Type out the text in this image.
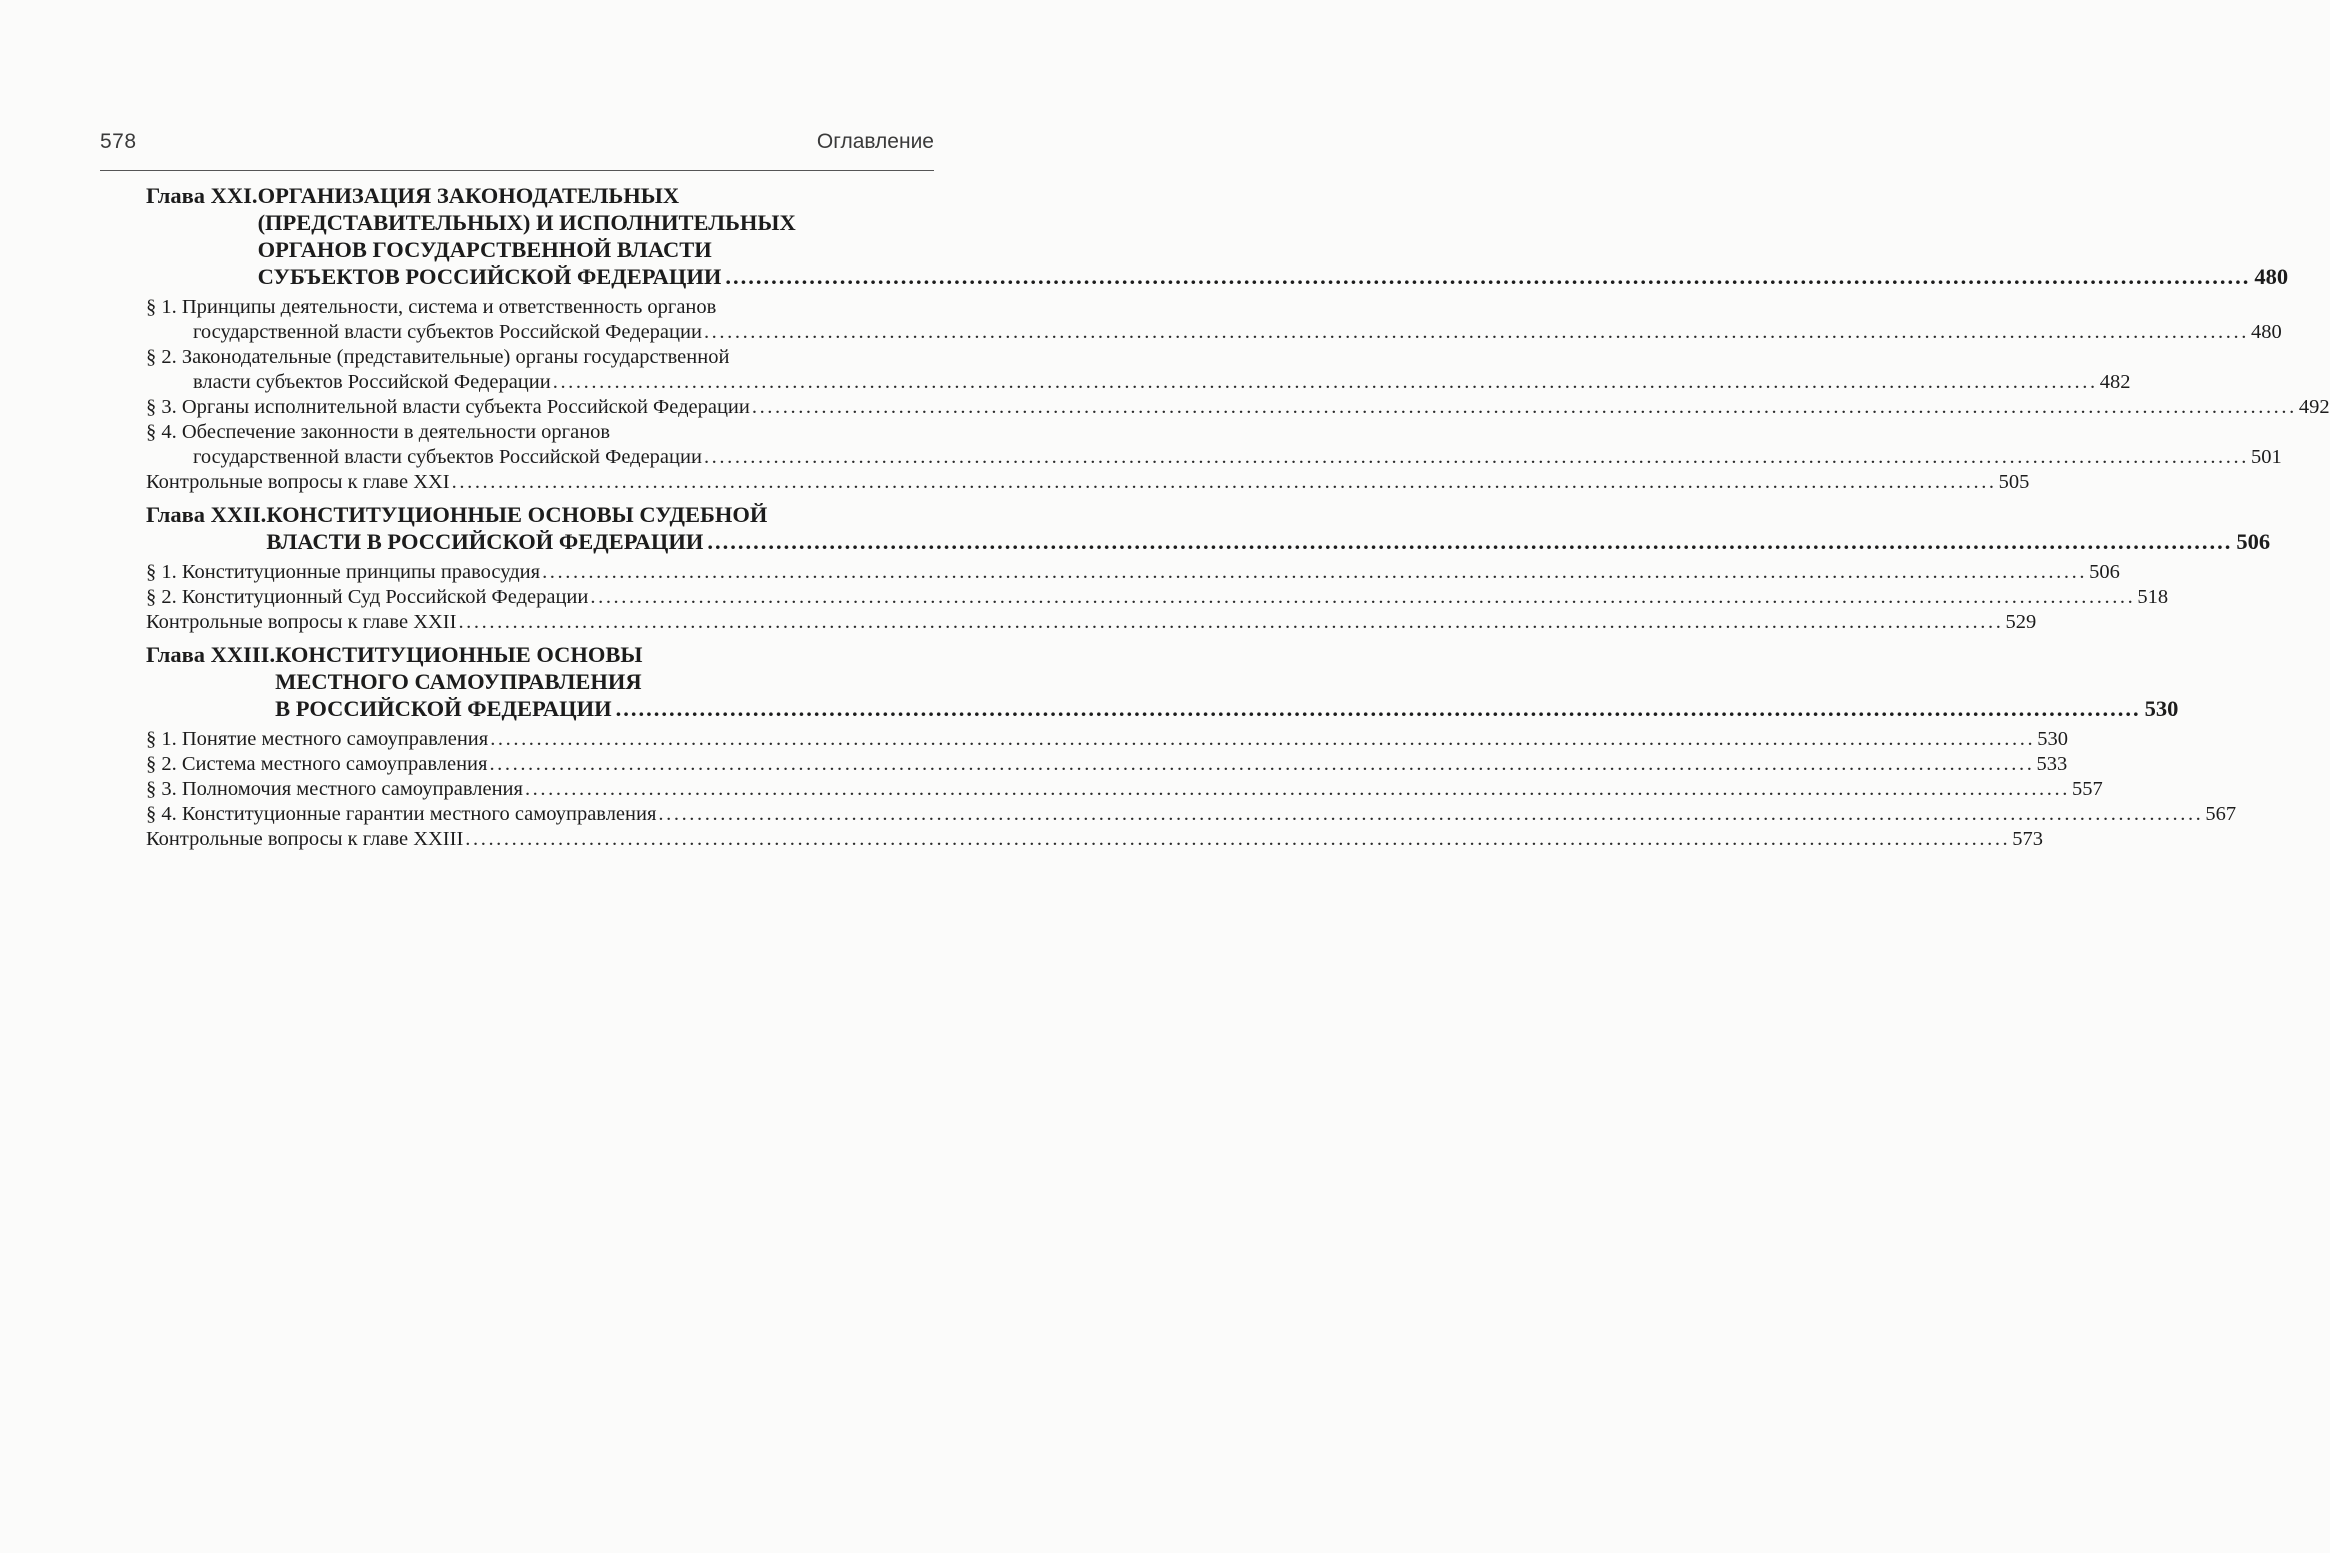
578	Оглавление
Глава XXI. ОРГАНИЗАЦИЯ ЗАКОНОДАТЕЛЬНЫХ
(ПРЕДСТАВИТЕЛЬНЫХ) И ИСПОЛНИТЕЛЬНЫХ
ОРГАНОВ ГОСУДАРСТВЕННОЙ ВЛАСТИ
СУБЪЕКТОВ РОССИЙСКОЙ ФЕДЕРАЦИИ ........................................................................................................................................................................................................ 480
§ 1. Принципы деятельности, система и ответственность органов
государственной власти субъектов Российской Федерации ........................................................................................................................................................................................................ 480
§ 2. Законодательные (представительные) органы государственной
власти субъектов Российской Федерации ........................................................................................................................................................................................................ 482
§ 3. Органы исполнительной власти субъекта Российской Федерации ........................................................................................................................................................................................................ 492
§ 4. Обеспечение законности в деятельности органов
государственной власти субъектов Российской Федерации ........................................................................................................................................................................................................ 501
Контрольные вопросы к главе XXI ........................................................................................................................................................................................................ 505
Глава XXII. КОНСТИТУЦИОННЫЕ ОСНОВЫ СУДЕБНОЙ
ВЛАСТИ В РОССИЙСКОЙ ФЕДЕРАЦИИ ........................................................................................................................................................................................................ 506
§ 1. Конституционные принципы правосудия ........................................................................................................................................................................................................ 506
§ 2. Конституционный Суд Российской Федерации ........................................................................................................................................................................................................ 518
Контрольные вопросы к главе XXII ........................................................................................................................................................................................................ 529
Глава XXIII. КОНСТИТУЦИОННЫЕ ОСНОВЫ
МЕСТНОГО САМОУПРАВЛЕНИЯ
В РОССИЙСКОЙ ФЕДЕРАЦИИ ........................................................................................................................................................................................................ 530
§ 1. Понятие местного самоуправления ........................................................................................................................................................................................................ 530
§ 2. Система местного самоуправления ........................................................................................................................................................................................................ 533
§ 3. Полномочия местного самоуправления ........................................................................................................................................................................................................ 557
§ 4. Конституционные гарантии местного самоуправления ........................................................................................................................................................................................................ 567
Контрольные вопросы к главе XXIII ........................................................................................................................................................................................................ 573
